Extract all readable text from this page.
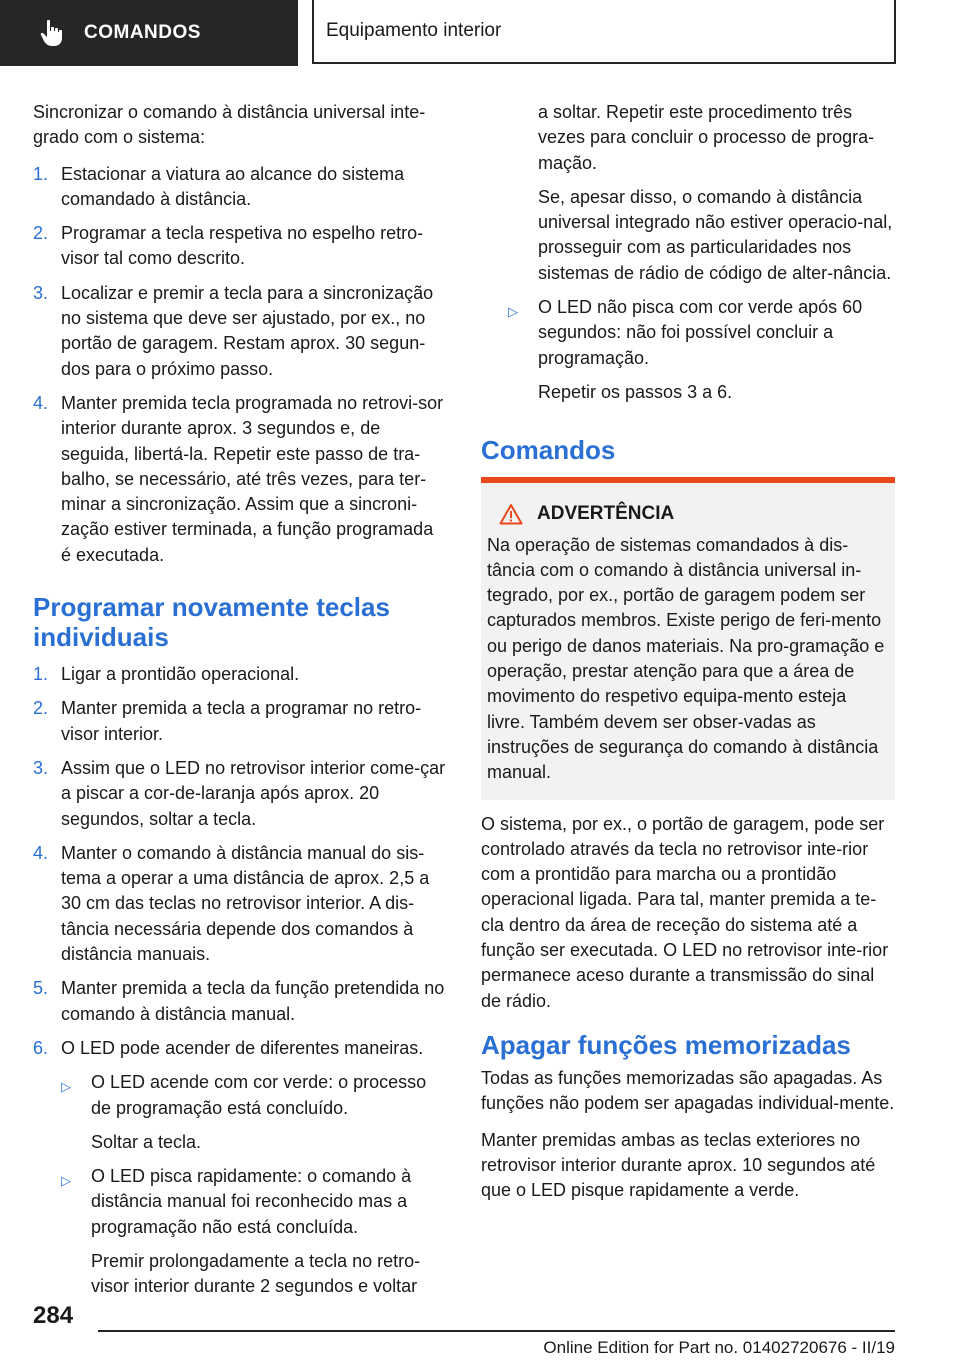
COMANDOS	Equipamento interior

Sincronizar o comando à distância universal inte-grado com o sistema:

1. Estacionar a viatura ao alcance do sistema comandado à distância.

2. Programar a tecla respetiva no espelho retro-visor tal como descrito.

3. Localizar e premir a tecla para a sincronização no sistema que deve ser ajustado, por ex., no portão de garagem. Restam aprox. 30 segun-dos para o próximo passo.

4. Manter premida tecla programada no retrovi-sor interior durante aprox. 3 segundos e, de seguida, libertá-la. Repetir este passo de tra-balho, se necessário, até três vezes, para ter-minar a sincronização. Assim que a sincroni-zação estiver terminada, a função programada é executada.

Programar novamente teclas individuais
1. Ligar a prontidão operacional.

2. Manter premida a tecla a programar no retro-visor interior.

3. Assim que o LED no retrovisor interior come-çar a piscar a cor-de-laranja após aprox. 20 segundos, soltar a tecla.

4. Manter o comando à distância manual do sis-tema a operar a uma distância de aprox. 2,5 a 30 cm das teclas no retrovisor interior. A dis-tância necessária depende dos comandos à distância manuais.

5. Manter premida a tecla da função pretendida no comando à distância manual.

6. O LED pode acender de diferentes maneiras.

▷	O LED acende com cor verde: o processo de programação está concluído.

Soltar a tecla.

▷	O LED pisca rapidamente: o comando à distância manual foi reconhecido mas a programação não está concluída.

Premir prolongadamente a tecla no retro-visor interior durante 2 segundos e voltar

a soltar. Repetir este procedimento três vezes para concluir o processo de progra-mação.

Se, apesar disso, o comando à distância universal integrado não estiver operacio-nal, prosseguir com as particularidades nos sistemas de rádio de código de alter-nância.

▷	O LED não pisca com cor verde após 60 segundos: não foi possível concluir a programação.

Repetir os passos 3 a 6.

Comandos
ADVERTÊNCIA

Na operação de sistemas comandados à dis-tância com o comando à distância universal in-tegrado, por ex., portão de garagem podem ser capturados membros. Existe perigo de feri-mento ou perigo de danos materiais. Na pro-gramação e operação, prestar atenção para que a área de movimento do respetivo equipa-mento esteja livre. Também devem ser obser-vadas as instruções de segurança do comando à distância manual.

O sistema, por ex., o portão de garagem, pode ser controlado através da tecla no retrovisor inte-rior com a prontidão para marcha ou a prontidão operacional ligada. Para tal, manter premida a te-cla dentro da área de receção do sistema até a função ser executada. O LED no retrovisor inte-rior permanece aceso durante a transmissão do sinal de rádio.

Apagar funções memorizadas

Todas as funções memorizadas são apagadas. As funções não podem ser apagadas individual-mente.

Manter premidas ambas as teclas exteriores no retrovisor interior durante aprox. 10 segundos até que o LED pisque rapidamente a verde.

284
Online Edition for Part no. 01402720676 - II/19
